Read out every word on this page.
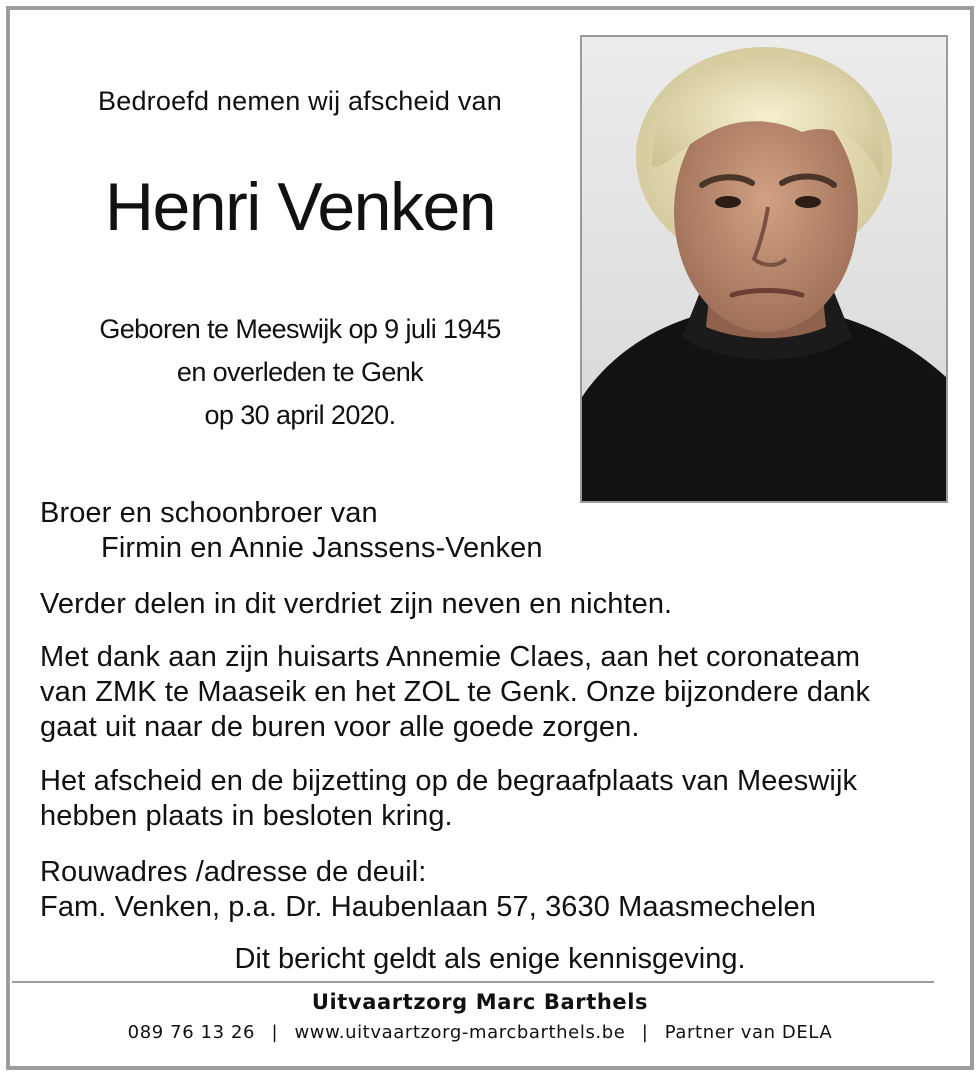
Bedroefd nemen wij afscheid van
Henri Venken
Geboren te Meeswijk op 9 juli 1945
en overleden te Genk
op 30 april 2020.
Broer en schoonbroer van
Firmin en Annie Janssens-Venken
Verder delen in dit verdriet zijn neven en nichten.
Met dank aan zijn huisarts Annemie Claes, aan het coronateam
van ZMK te Maaseik en het ZOL te Genk. Onze bijzondere dank
gaat uit naar de buren voor alle goede zorgen.
Het afscheid en de bijzetting op de begraafplaats van Meeswijk
hebben plaats in besloten kring.
Rouwadres /adresse de deuil:
Fam. Venken, p.a. Dr. Haubenlaan 57, 3630 Maasmechelen
Dit bericht geldt als enige kennisgeving.
Uitvaartzorg Marc Barthels
089 76 13 26 | www.uitvaartzorg-marcbarthels.be | Partner van DELA
